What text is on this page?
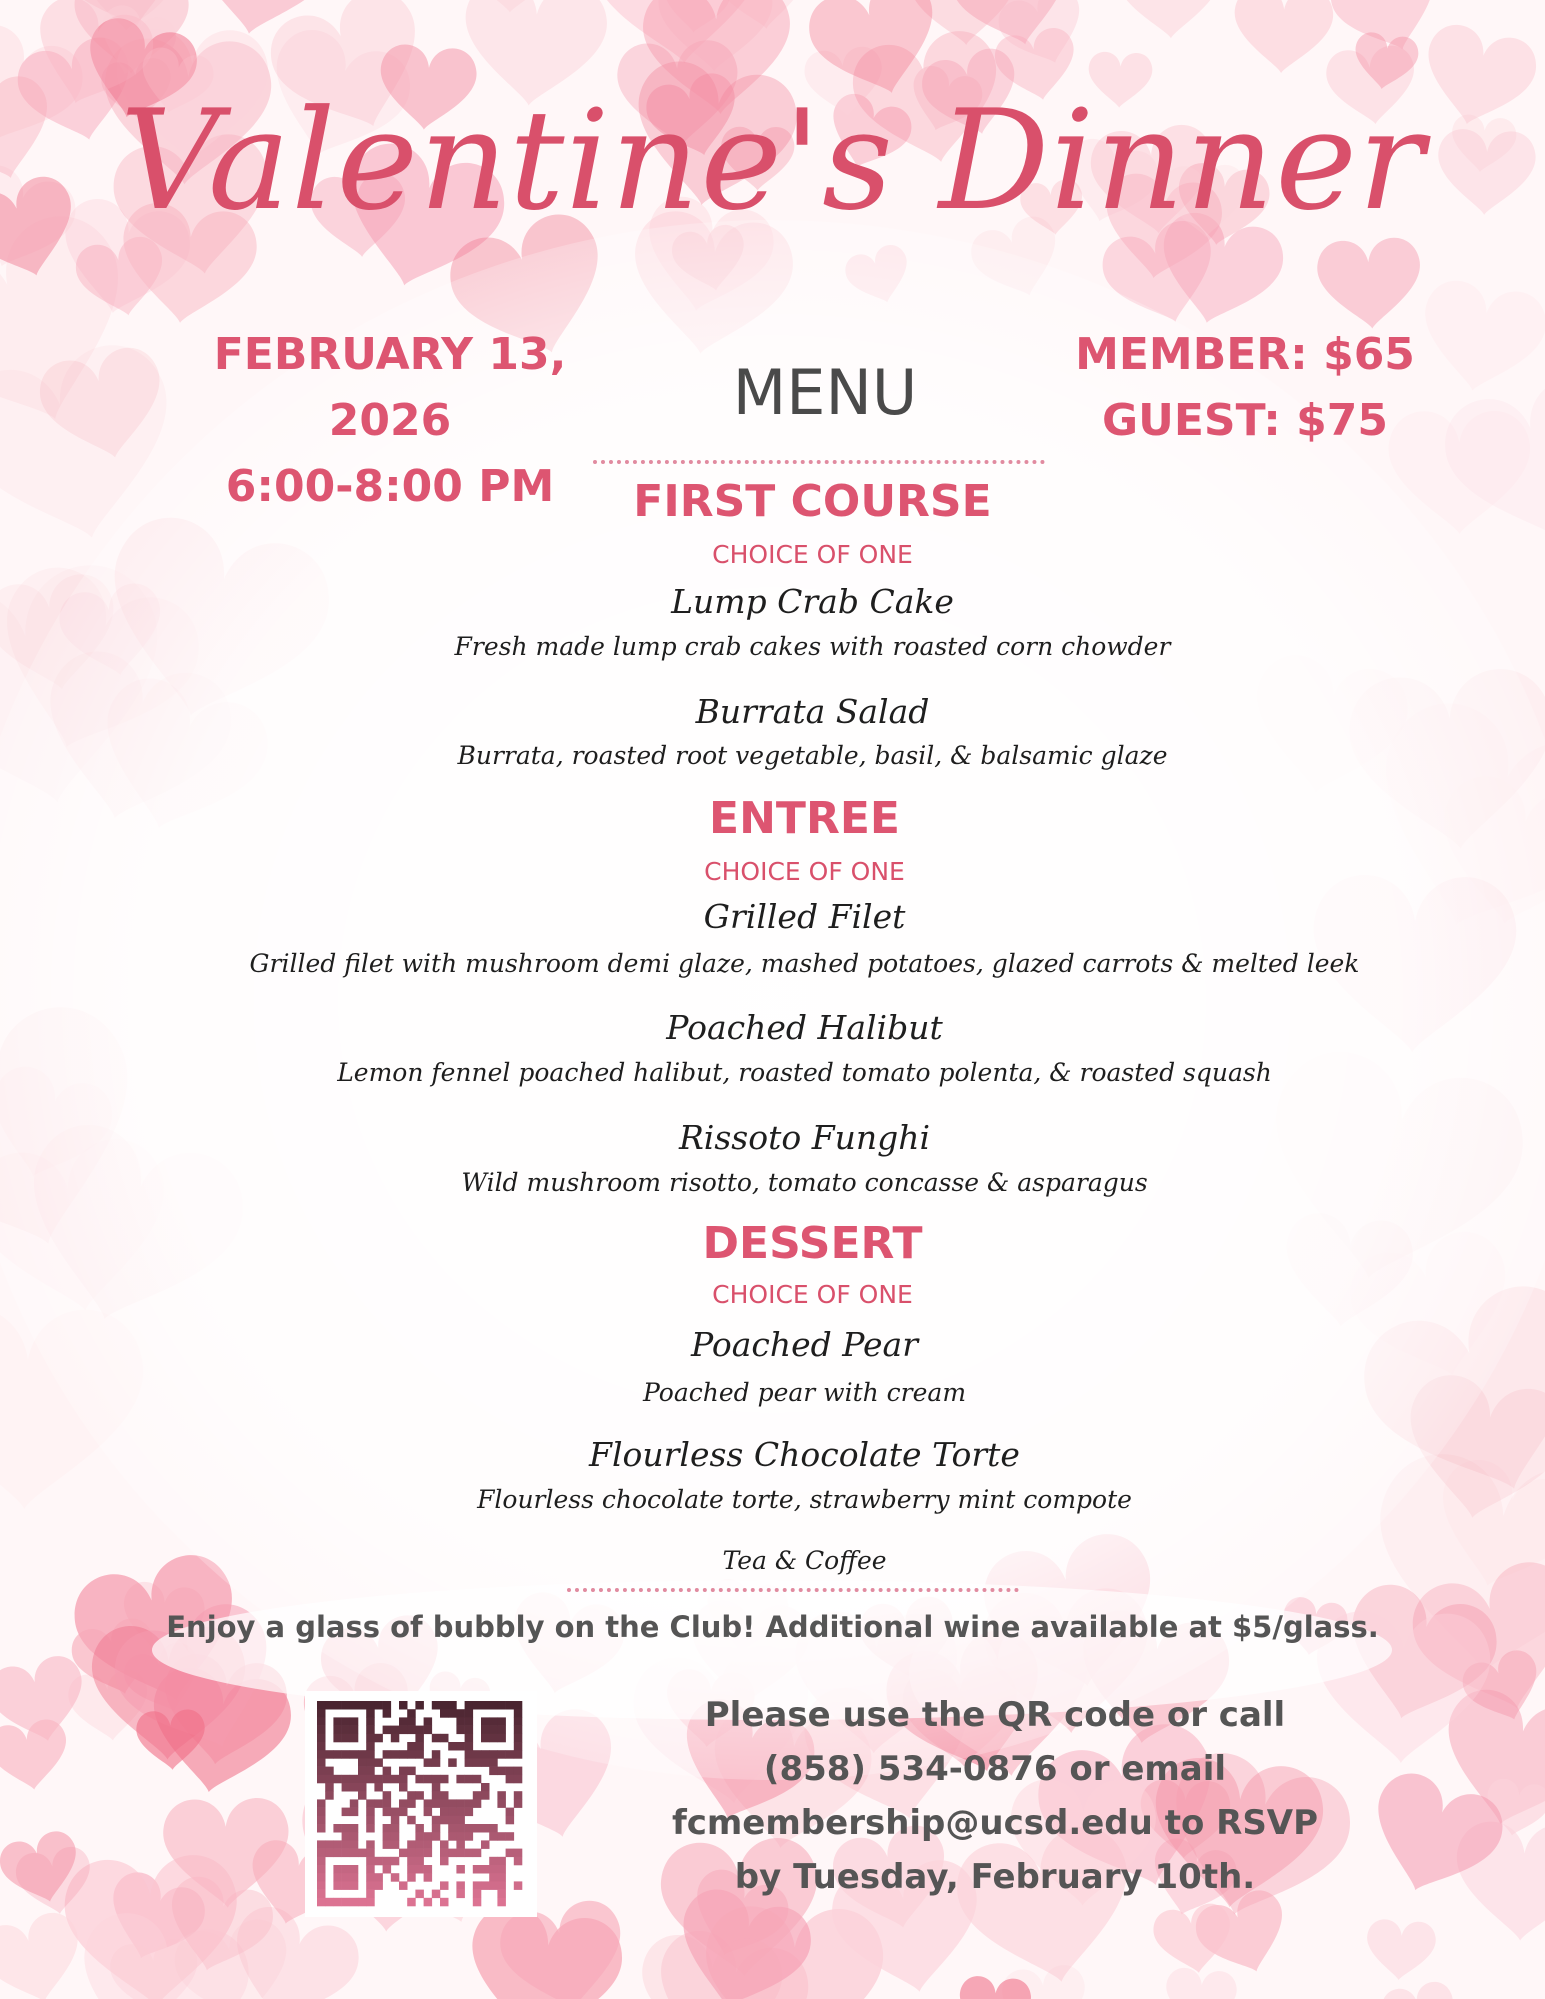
Valentine's Dinner
FEBRUARY 13, 2026
6:00-8:00 PM
MENU
MEMBER: $65
GUEST: $75
FIRST COURSE
CHOICE OF ONE
Lump Crab Cake
Fresh made lump crab cakes with roasted corn chowder
Burrata Salad
Burrata, roasted root vegetable, basil, & balsamic glaze
ENTREE
CHOICE OF ONE
Grilled Filet
Grilled filet with mushroom demi glaze, mashed potatoes, glazed carrots & melted leek
Poached Halibut
Lemon fennel poached halibut, roasted tomato polenta, & roasted squash
Rissoto Funghi
Wild mushroom risotto, tomato concasse & asparagus
DESSERT
CHOICE OF ONE
Poached Pear
Poached pear with cream
Flourless Chocolate Torte
Flourless chocolate torte, strawberry mint compote
Tea & Coffee
Enjoy a glass of bubbly on the Club! Additional wine available at $5/glass.
Please use the QR code or call
(858) 534-0876 or email
fcmembership@ucsd.edu to RSVP
by Tuesday, February 10th.
